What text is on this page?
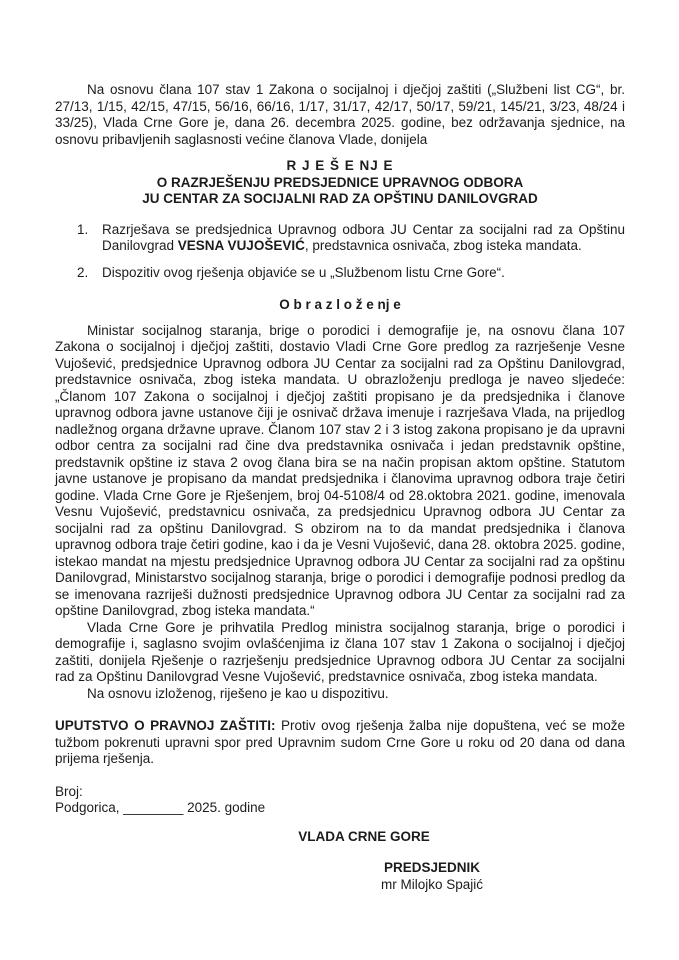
Na osnovu člana 107 stav 1 Zakona o socijalnoj i dječjoj zaštiti („Službeni list CG“, br. 27/13, 1/15, 42/15, 47/15, 56/16, 66/16, 1/17, 31/17, 42/17, 50/17, 59/21, 145/21, 3/23, 48/24 i 33/25), Vlada Crne Gore je, dana 26. decembra 2025. godine, bez održavanja sjednice, na osnovu pribavljenih saglasnosti većine članova Vlade, donijela

R J E Š E NJ E
O RAZRJEŠENJU PREDSJEDNICE UPRAVNOG ODBORA
JU CENTAR ZA SOCIJALNI RAD ZA OPŠTINU DANILOVGRAD
1.	Razrješava se predsjednica Upravnog odbora JU Centar za socijalni rad za Opštinu Danilovgrad VESNA VUJOŠEVIĆ, predstavnica osnivača, zbog isteka mandata.
2.	Dispozitiv ovog rješenja objaviće se u „Službenom listu Crne Gore“.
O b r a z l o ž e nj e

Ministar socijalnog staranja, brige o porodici i demografije je, na osnovu člana 107 Zakona o socijalnoj i dječjoj zaštiti, dostavio Vladi Crne Gore predlog za razrješenje Vesne Vujošević, predsjednice Upravnog odbora JU Centar za socijalni rad za Opštinu Danilovgrad, predstavnice osnivača, zbog isteka mandata. U obrazloženju predloga je naveo sljedeće: „Članom 107 Zakona o socijalnoj i dječjoj zaštiti propisano je da predsjednika i članove upravnog odbora javne ustanove čiji je osnivač država imenuje i razrješava Vlada, na prijedlog nadležnog organa državne uprave. Članom 107 stav 2 i 3 istog zakona propisano je da upravni odbor centra za socijalni rad čine dva predstavnika osnivača i jedan predstavnik opštine, predstavnik opštine iz stava 2 ovog člana bira se na način propisan aktom opštine. Statutom javne ustanove je propisano da mandat predsjednika i članovima upravnog odbora traje četiri godine. Vlada Crne Gore je Rješenjem, broj 04-5108/4 od 28.oktobra 2021. godine, imenovala Vesnu Vujošević, predstavnicu osnivača, za predsjednicu Upravnog odbora JU Centar za socijalni rad za opštinu Danilovgrad. S obzirom na to da mandat predsjednika i članova upravnog odbora traje četiri godine, kao i da je Vesni Vujošević, dana 28. oktobra 2025. godine, istekao mandat na mjestu predsjednice Upravnog odbora JU Centar za socijalni rad za opštinu Danilovgrad, Ministarstvo socijalnog staranja, brige o porodici i demografije podnosi predlog da se imenovana razriješi dužnosti predsjednice Upravnog odbora JU Centar za socijalni rad za opštine Danilovgrad, zbog isteka mandata.“

Vlada Crne Gore je prihvatila Predlog ministra socijalnog staranja, brige o porodici i demografije i, saglasno svojim ovlašćenjima iz člana 107 stav 1 Zakona o socijalnoj i dječjoj zaštiti, donijela Rješenje o razrješenju predsjednice Upravnog odbora JU Centar za socijalni rad za Opštinu Danilovgrad Vesne Vujošević, predstavnice osnivača, zbog isteka mandata.

Na osnovu izloženog, riješeno je kao u dispozitivu.

UPUTSTVO O PRAVNOJ ZAŠTITI: Protiv ovog rješenja žalba nije dopuštena, već se može tužbom pokrenuti upravni spor pred Upravnim sudom Crne Gore u roku od 20 dana od dana prijema rješenja.

Broj:
Podgorica, ________ 2025. godine
VLADA CRNE GORE
PREDSJEDNIK
mr Milojko Spajić
